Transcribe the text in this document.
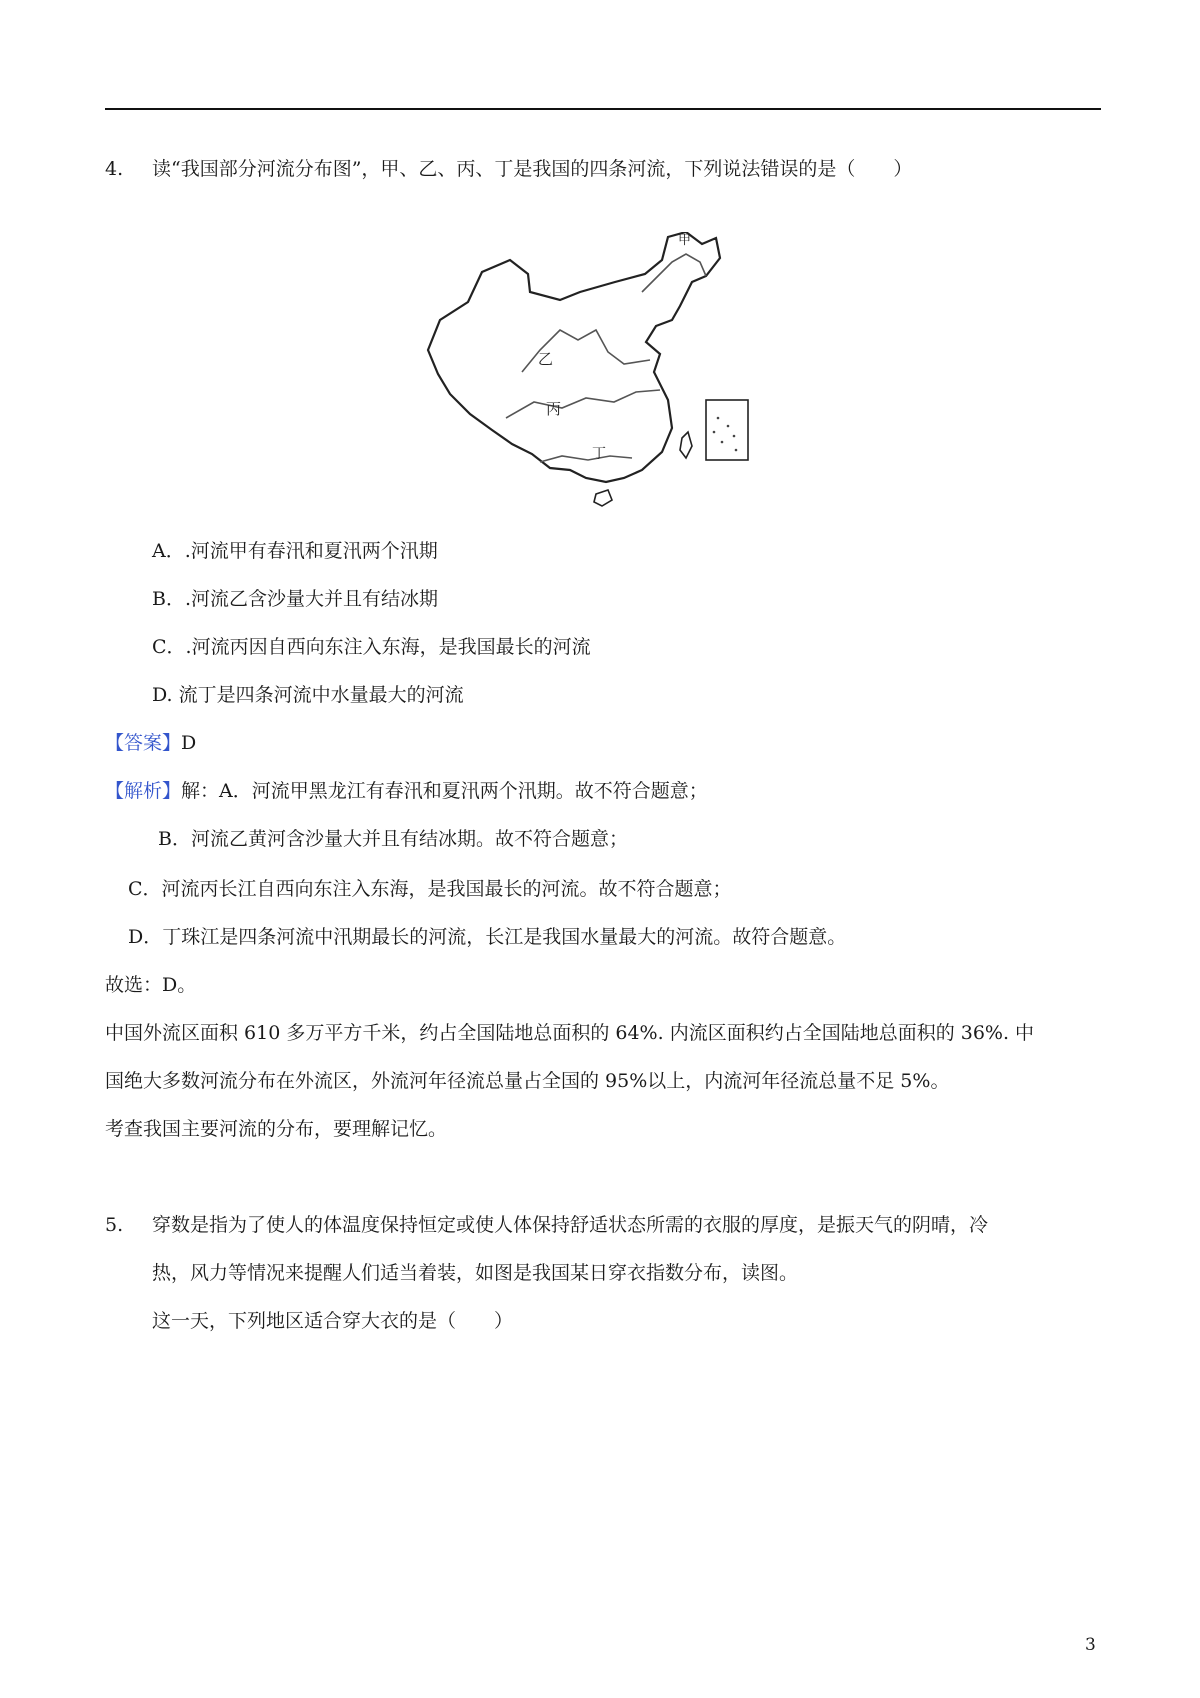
4. 读“我国部分河流分布图”，甲、乙、丙、丁是我国的四条河流，下列说法错误的是（　　）
甲
乙
丙
丁
A．.河流甲有春汛和夏汛两个汛期
B．.河流乙含沙量大并且有结冰期
C．.河流丙因自西向东注入东海，是我国最长的河流
D. 流丁是四条河流中水量最大的河流
【答案】D
【解析】解：A．河流甲黑龙江有春汛和夏汛两个汛期。故不符合题意；
B．河流乙黄河含沙量大并且有结冰期。故不符合题意；
C．河流丙长江自西向东注入东海，是我国最长的河流。故不符合题意；
D．丁珠江是四条河流中汛期最长的河流，长江是我国水量最大的河流。故符合题意。
故选：D。
中国外流区面积 610 多万平方千米，约占全国陆地总面积的 64%. 内流区面积约占全国陆地总面积的 36%. 中
国绝大多数河流分布在外流区，外流河年径流总量占全国的 95%以上，内流河年径流总量不足 5%。
考查我国主要河流的分布，要理解记忆。
5. 穿数是指为了使人的体温度保持恒定或使人体保持舒适状态所需的衣服的厚度，是振天气的阴晴，冷
热，风力等情况来提醒人们适当着装，如图是我国某日穿衣指数分布，读图。
这一天，下列地区适合穿大衣的是（　　）
3
